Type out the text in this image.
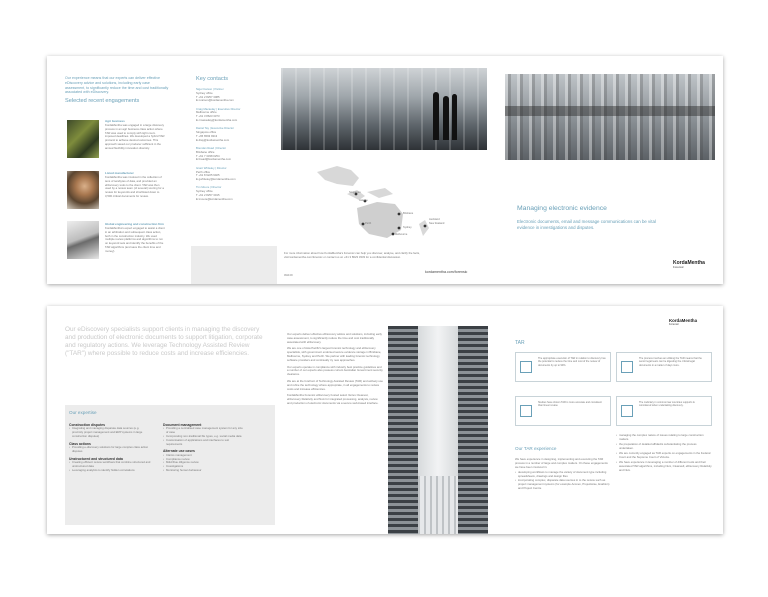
Our experience means that our experts can deliver effective eDiscovery advice and solutions, including early case assessment, to significantly reduce the time and cost traditionally associated with eDiscovery.
Selected recent engagements
Agri business
KordaMentha was engaged in a large discovery process in an agri business class action where TAR was used to comply with tight court-imposed deadlines. We developed a hybrid TAR protocol to achieve desired outcomes. This approach saved our producer sufficient in the annual flexibility innovation diversity.
Listed manufacturer
KordaMentha was involved in the collection of tens of terabytes of data, and provided an eDiscovery tools to the client. TAR was then used by a review team (of several) scoring for a review for keywords and shortlisted down to 3,500 critical documents for review.
Global engineering and construction firm
KordaMentha's expert engaged to assist a client in an arbitration and subsequent class action, both in the construction industry. We used multiple review platforms and algorithms to run on keyword sets and identify the benefits of the TAR algorithms (and save the client time and money).
Key contacts
Nigel Carson | Partner
Sydney office
T +61 2 8257 3085
E ncarson@kordamentha.com
Craig Macaulay | Executive Director
Melbourne office
T +61 3 8623 3373
E cmacaulay@kordamentha.com
Daniel Tay | Executive Director
Singapore office
T +65 6593 9313
E dtay@kordamentha.com
Brendan Read | Director
Brisbane office
T +61 7 3338 0254
E bread@kordamentha.com
Grant Whiteley | Director
Perth office
T +61 8 9225 9025
E gwhiteley@kordamentha.com
Tim Moore | Director
Sydney office
T +61 2 8257 3015
E tmoore@kordamentha.com
Singapore
Jakarta
Brisbane
Perth
Sydney
Melbourne
Auckland
New Zealand
For more information about how KordaMentha's Forensic can help you discover, analyse, and clarify the facts, visit kordamentha.com/forensic or contact us on +61 3 8623 3333 for a confidential discussion.
0919.03
kordamentha.com/forensic
Managing electronic evidence
Electronic documents, email and message communications can be vital evidence in investigations and disputes.
KordaMentha
Forensic
Our eDiscovery specialists support clients in managing the discovery and production of electronic documents to support litigation, corporate and regulatory actions. We leverage Technology Assisted Review ("TAR") where possible to reduce costs and increase efficiencies.
Our expertise
Construction disputes
• Integrating and managing disparate data sources (e.g. proximity project management and ERP systems in large construction disputes)
Class actions
• Providing e-discovery solutions for large complex class action disputes
Unstructured and structured data
• Creating efficient review workflows that combine structured and unstructured data
• Leveraging analytics to identify hidden correlations
Document management
• Providing a centralised case management system for any size of case
• Incorporating non-traditional file types, e.g. social media data
• Customisation of applications and interfaces to suit requirements
Alternate use cases
• Claims management
• Compliance review
• M&A/Due diligence review
• Investigations
• Monitoring human behaviour
Our experts deliver effective eDiscovery advice and solutions, including early case assessment, to significantly reduce the time and cost traditionally associated with eDiscovery.
We are one of Asia Pacific's largest forensic technology and eDiscovery specialists, with government endorsed secure evidence storage in Brisbane, Melbourne, Sydney and Perth. We partner with leading forensic technology software providers and continually try new approaches.
Our experts operate in compliance with industry best practice guidelines and a number of our experts also possess current Australian Government security clearance.
We are at the forefront of Technology Assisted Review (TAR) and actively use and refine the technology where appropriate, in all engagements to reduce costs and increase efficiencies.
KordaMentha Forensic eDiscovery hosted select Vertex Cleanest, eDiscovery Relativity and Nuix for integrated processing, analysis, review and production of electronic documents via a secure web-based interface.
KordaMentha
Forensic
TAR
The appropriate execution of TAR in relation to discovery has the potential to reduce the time and cost of the review of documents by up to 90%.
The process involves an utilising the TAR means that the senior legal team can be digesting the critical legal documents in a matter of days more.
Studies have shown TAR is more accurate and consistent than linear review.
The Judiciary in common law countries supports & considered when undertaking discovery.
Our TAR experience
We have experience in designing, implementing and executing the TAR process in a number of large and complex matters. On these engagements we have been involved in:
• developing workflows to manage the variety of document type including spreadsheets, drawings and design files
• incorporating complex, disparate data sources in to the review such as project management systems (for example Aconex, Projectwise, Enablon) and Project Centre
• managing the complex nature of issues relating to large construction matters.
• the preparation of detailed affidavits substantiating the process undertaken.
• We are currently engaged as TAR experts on engagements in the Federal Court and the Supreme Court of Victoria.
• We have experience in leveraging a number of different tools and their associated TAR algorithms, including Nuix, Clearwell, eDiscovery Relativity and Nuix.
